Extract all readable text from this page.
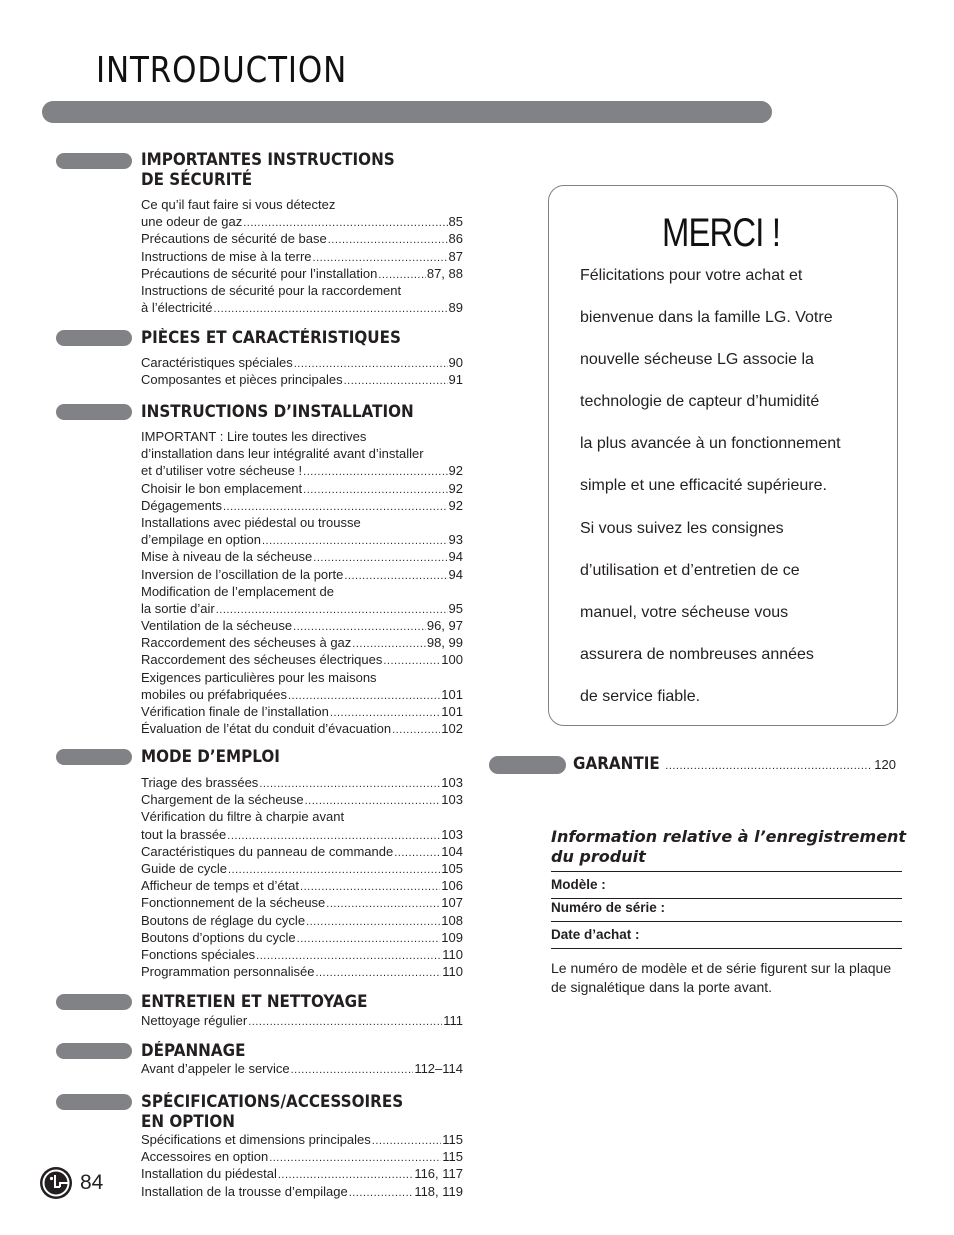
INTRODUCTION
IMPORTANTES INSTRUCTIONS
DE SÉCURITÉ
Ce qu’il faut faire si vous détectez
une odeur de gaz .....	85
Précautions de sécurité de base .....	86
Instructions de mise à la terre .....	87
Précautions de sécurité pour l’installation .....	87, 88
Instructions de sécurité pour la raccordement
à l’électricité .....	89
PIÈCES ET CARACTÉRISTIQUES
Caractéristiques spéciales .....	90
Composantes et pièces principales .....	91
INSTRUCTIONS D’INSTALLATION
IMPORTANT : Lire toutes les directives
d’installation dans leur intégralité avant d’installer
et d’utiliser votre sécheuse ! .....	92
Choisir le bon emplacement .....	92
Dégagements .....	92
Installations avec piédestal ou trousse
d’empilage en option .....	93
Mise à niveau de la sécheuse .....	94
Inversion de l’oscillation de la porte .....	94
Modification de l’emplacement de
la sortie d’air .....	95
Ventilation de la sécheuse .....	96, 97
Raccordement des sécheuses à gaz .....	98, 99
Raccordement des sécheuses électriques .....	100
Exigences particulières pour les maisons
mobiles ou préfabriquées .....	101
Vérification finale de l’installation .....	101
Évaluation de l’état du conduit d’évacuation .....	102
MODE D’EMPLOI
Triage des brassées .....	103
Chargement de la sécheuse .....	103
Vérification du filtre à charpie avant
tout la brassée .....	103
Caractéristiques du panneau de commande .....	104
Guide de cycle .....	105
Afficheur de temps et d’état .....	106
Fonctionnement de la sécheuse .....	107
Boutons de réglage du cycle .....	108
Boutons d’options du cycle .....	109
Fonctions spéciales .....	110
Programmation personnalisée .....	110
ENTRETIEN ET NETTOYAGE
Nettoyage régulier .....	111
DÉPANNAGE
Avant d’appeler le service .....	112–114
SPÉCIFICATIONS/ACCESSOIRES
EN OPTION
Spécifications et dimensions principales .....	115
Accessoires en option .....	115
Installation du piédestal .....	116, 117
Installation de la trousse d’empilage .....	118, 119
MERCI !
Félicitations pour votre achat et
bienvenue dans la famille LG. Votre
nouvelle sécheuse LG associe la
technologie de capteur d’humidité
la plus avancée à un fonctionnement
simple et une efficacité supérieure.
Si vous suivez les consignes
d’utilisation et d’entretien de ce
manuel, votre sécheuse vous
assurera de nombreuses années
de service fiable.
GARANTIE .....	120
Information relative à l’enregistrement du produit
Modèle :
Numéro de série :
Date d’achat :
Le numéro de modèle et de série figurent sur la plaque de signalétique dans la porte avant.
84
